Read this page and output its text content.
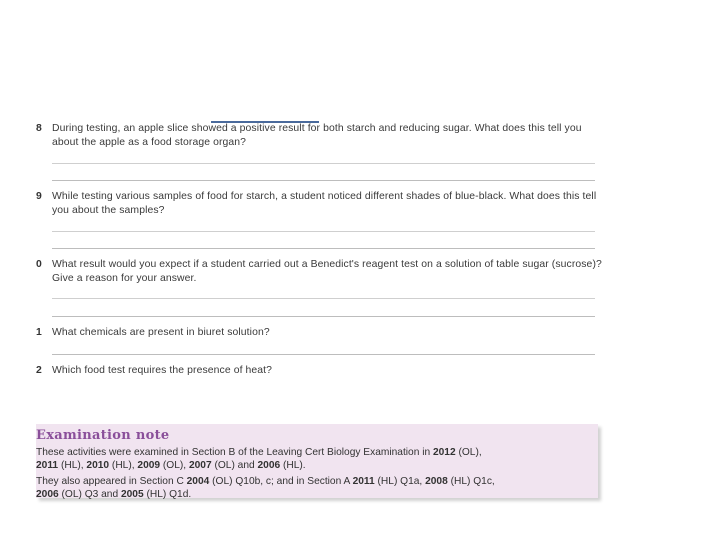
8 During testing, an apple slice showed a positive result for both starch and reducing sugar. What does this tell you about the apple as a food storage organ?
9 While testing various samples of food for starch, a student noticed different shades of blue-black. What does this tell you about the samples?
0 What result would you expect if a student carried out a Benedict's reagent test on a solution of table sugar (sucrose)? Give a reason for your answer.
1 What chemicals are present in biuret solution?
2 Which food test requires the presence of heat?
Examination note
These activities were examined in Section B of the Leaving Cert Biology Examination in 2012 (OL),
2011 (HL), 2010 (HL), 2009 (OL), 2007 (OL) and 2006 (HL).
They also appeared in Section C 2004 (OL) Q10b, c; and in Section A 2011 (HL) Q1a, 2008 (HL) Q1c,
2006 (OL) Q3 and 2005 (HL) Q1d.
